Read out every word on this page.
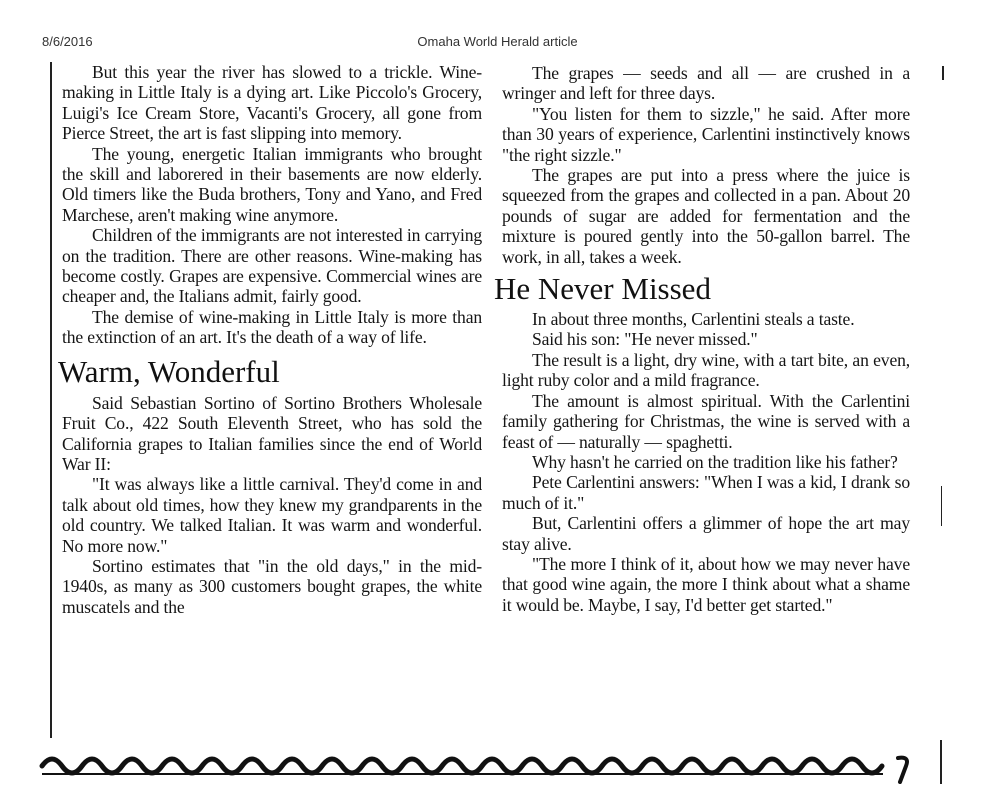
8/6/2016	Omaha World Herald article

But this year the river has slowed to a trickle. Wine-making in Little Italy is a dying art. Like Piccolo's Grocery, Luigi's Ice Cream Store, Vacanti's Grocery, all gone from Pierce Street, the art is fast slipping into memory.

The young, energetic Italian immigrants who brought the skill and laborered in their basements are now elderly. Old timers like the Buda brothers, Tony and Yano, and Fred Marchese, aren't making wine anymore.

Children of the immigrants are not interested in carrying on the tradition. There are other reasons. Wine-making has become costly. Grapes are expensive. Commercial wines are cheaper and, the Italians admit, fairly good.

The demise of wine-making in Little Italy is more than the extinction of an art. It's the death of a way of life.

Warm, Wonderful

Said Sebastian Sortino of Sortino Brothers Wholesale Fruit Co., 422 South Eleventh Street, who has sold the California grapes to Italian families since the end of World War II:

"It was always like a little carnival. They'd come in and talk about old times, how they knew my grandparents in the old country. We talked Italian. It was warm and wonderful. No more now."

Sortino estimates that "in the old days," in the mid-1940s, as many as 300 customers bought grapes, the white muscatels and the

The grapes — seeds and all — are crushed in a wringer and left for three days.

"You listen for them to sizzle," he said. After more than 30 years of experience, Carlentini instinctively knows "the right sizzle."

The grapes are put into a press where the juice is squeezed from the grapes and collected in a pan. About 20 pounds of sugar are added for fermentation and the mixture is poured gently into the 50-gallon barrel. The work, in all, takes a week.

He Never Missed

In about three months, Carlentini steals a taste.

Said his son: "He never missed."

The result is a light, dry wine, with a tart bite, an even, light ruby color and a mild fragrance.

The amount is almost spiritual. With the Carlentini family gathering for Christmas, the wine is served with a feast of — naturally — spaghetti.

Why hasn't he carried on the tradition like his father?

Pete Carlentini answers: "When I was a kid, I drank so much of it."

But, Carlentini offers a glimmer of hope the art may stay alive.

"The more I think of it, about how we may never have that good wine again, the more I think about what a shame it would be. Maybe, I say, I'd better get started."
